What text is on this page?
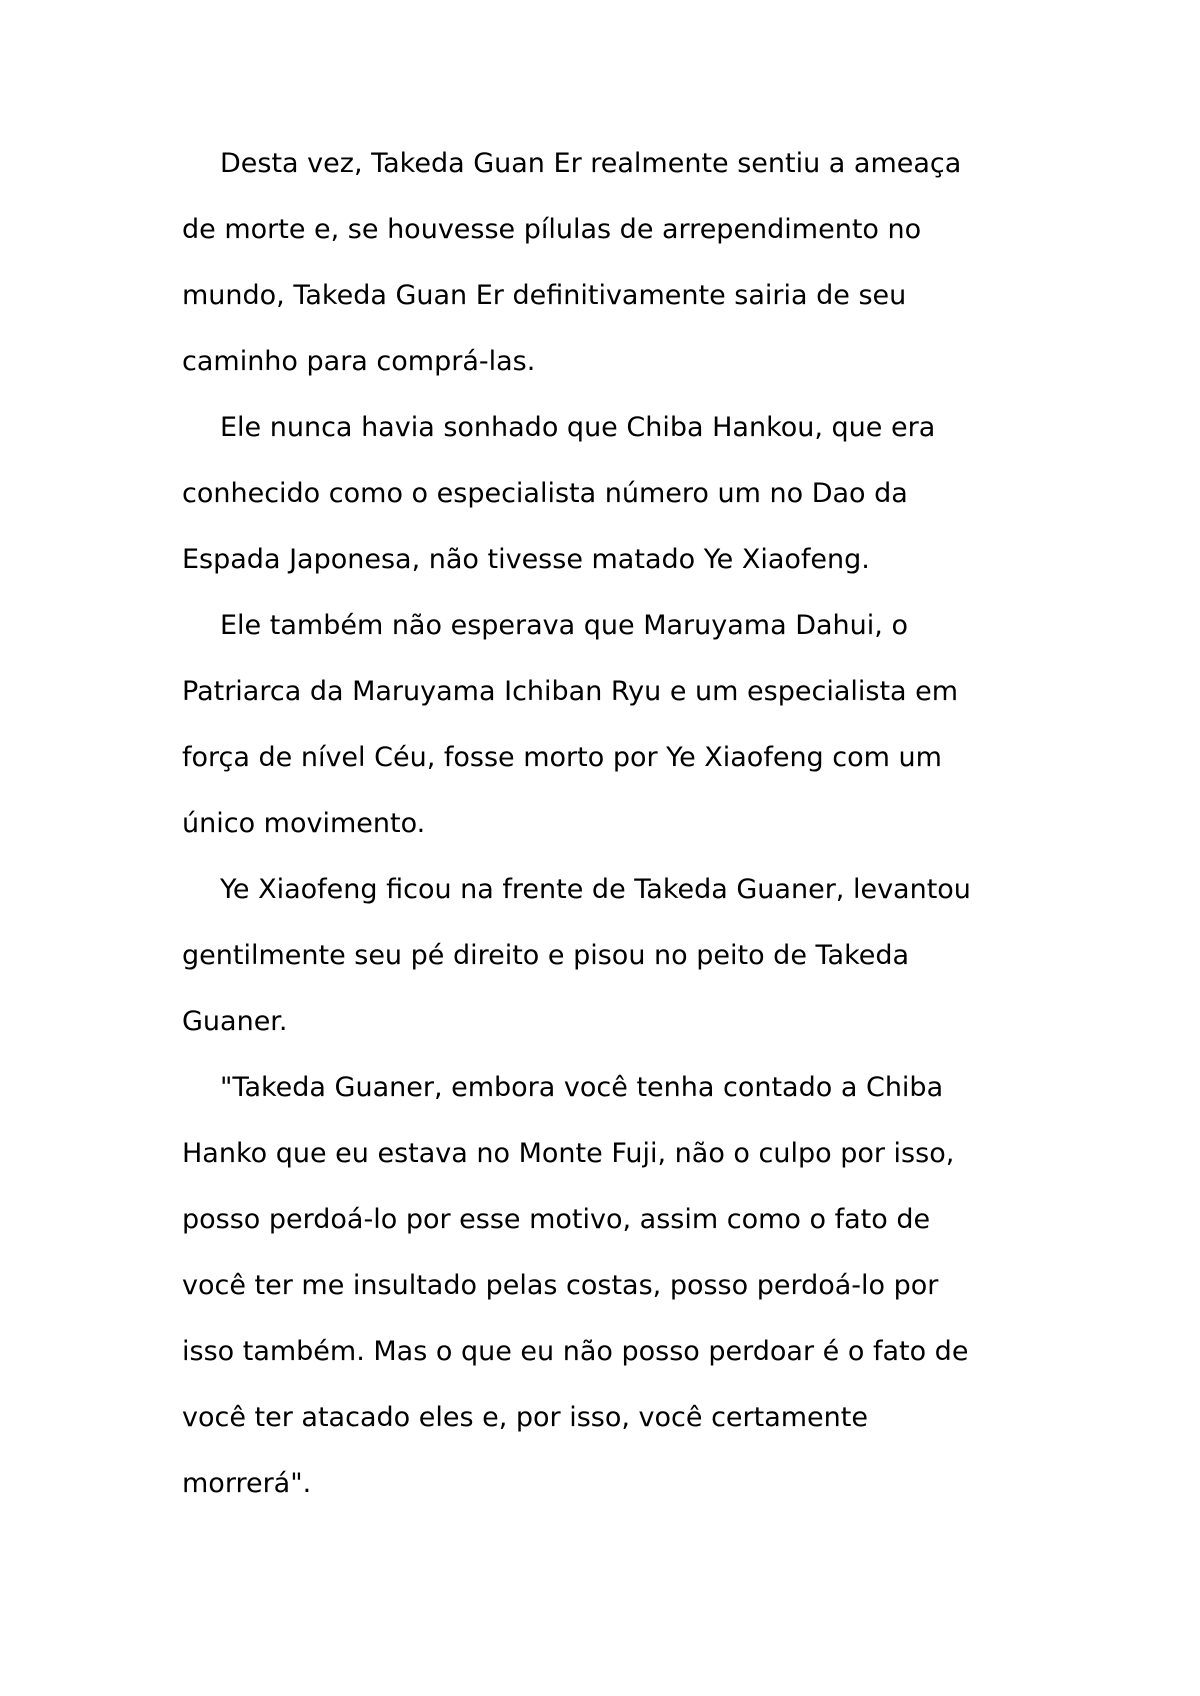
Desta vez, Takeda Guan Er realmente sentiu a ameaça
de morte e, se houvesse pílulas de arrependimento no
mundo, Takeda Guan Er definitivamente sairia de seu
caminho para comprá-las.

Ele nunca havia sonhado que Chiba Hankou, que era
conhecido como o especialista número um no Dao da
Espada Japonesa, não tivesse matado Ye Xiaofeng.

Ele também não esperava que Maruyama Dahui, o
Patriarca da Maruyama Ichiban Ryu e um especialista em
força de nível Céu, fosse morto por Ye Xiaofeng com um
único movimento.

Ye Xiaofeng ficou na frente de Takeda Guaner, levantou
gentilmente seu pé direito e pisou no peito de Takeda
Guaner.

"Takeda Guaner, embora você tenha contado a Chiba
Hanko que eu estava no Monte Fuji, não o culpo por isso,
posso perdoá-lo por esse motivo, assim como o fato de
você ter me insultado pelas costas, posso perdoá-lo por
isso também. Mas o que eu não posso perdoar é o fato de
você ter atacado eles e, por isso, você certamente
morrerá".
